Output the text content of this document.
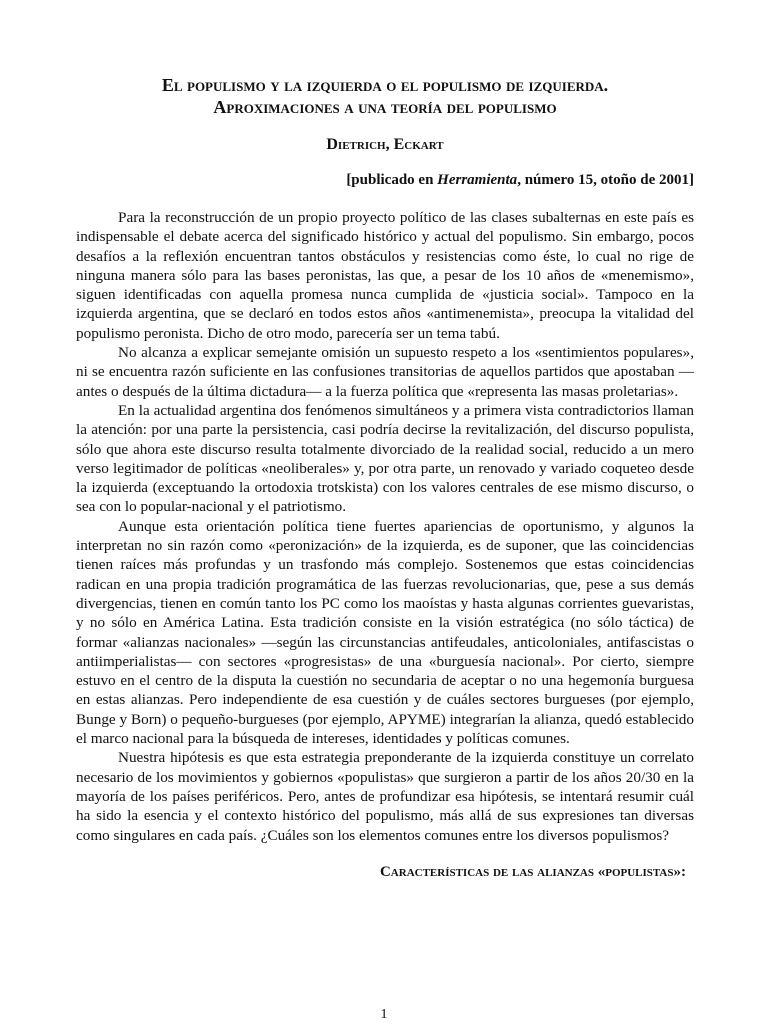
El populismo y la izquierda o el populismo de izquierda.
Aproximaciones a una teoría del populismo
Dietrich, Eckart
[publicado en Herramienta, número 15, otoño de 2001]

Para la reconstrucción de un propio proyecto político de las clases subalternas en este país es indispensable el debate acerca del significado histórico y actual del populismo. Sin embargo, pocos desafíos a la reflexión encuentran tantos obstáculos y resistencias como éste, lo cual no rige de ninguna manera sólo para las bases peronistas, las que, a pesar de los 10 años de «menemismo», siguen identificadas con aquella promesa nunca cumplida de «justicia social». Tampoco en la izquierda argentina, que se declaró en todos estos años «antimenemista», preocupa la vitalidad del populismo peronista. Dicho de otro modo, parecería ser un tema tabú.

No alcanza a explicar semejante omisión un supuesto respeto a los «sentimientos populares», ni se encuentra razón suficiente en las confusiones transitorias de aquellos partidos que apostaban —antes o después de la última dictadura— a la fuerza política que «representa las masas proletarias».

En la actualidad argentina dos fenómenos simultáneos y a primera vista contradictorios llaman la atención: por una parte la persistencia, casi podría decirse la revitalización, del discurso populista, sólo que ahora este discurso resulta totalmente divorciado de la realidad social, reducido a un mero verso legitimador de políticas «neoliberales» y, por otra parte, un renovado y variado coqueteo desde la izquierda (exceptuando la ortodoxia trotskista) con los valores centrales de ese mismo discurso, o sea con lo popular-nacional y el patriotismo.

Aunque esta orientación política tiene fuertes apariencias de oportunismo, y algunos la interpretan no sin razón como «peronización» de la izquierda, es de suponer, que las coincidencias tienen raíces más profundas y un trasfondo más complejo. Sostenemos que estas coincidencias radican en una propia tradición programática de las fuerzas revolucionarias, que, pese a sus demás divergencias, tienen en común tanto los PC como los maoístas y hasta algunas corrientes guevaristas, y no sólo en América Latina. Esta tradición consiste en la visión estratégica (no sólo táctica) de formar «alianzas nacionales» —según las circunstancias antifeudales, anticoloniales, antifascistas o antiimperialistas— con sectores «progresistas» de una «burguesía nacional». Por cierto, siempre estuvo en el centro de la disputa la cuestión no secundaria de aceptar o no una hegemonía burguesa en estas alianzas. Pero independiente de esa cuestión y de cuáles sectores burgueses (por ejemplo, Bunge y Born) o pequeño-burgueses (por ejemplo, APYME) integrarían la alianza, quedó establecido el marco nacional para la búsqueda de intereses, identidades y políticas comunes.

Nuestra hipótesis es que esta estrategia preponderante de la izquierda constituye un correlato necesario de los movimientos y gobiernos «populistas» que surgieron a partir de los años 20/30 en la mayoría de los países periféricos. Pero, antes de profundizar esa hipótesis, se intentará resumir cuál ha sido la esencia y el contexto histórico del populismo, más allá de sus expresiones tan diversas como singulares en cada país. ¿Cuáles son los elementos comunes entre los diversos populismos?

Características de las alianzas «populistas»:
1
